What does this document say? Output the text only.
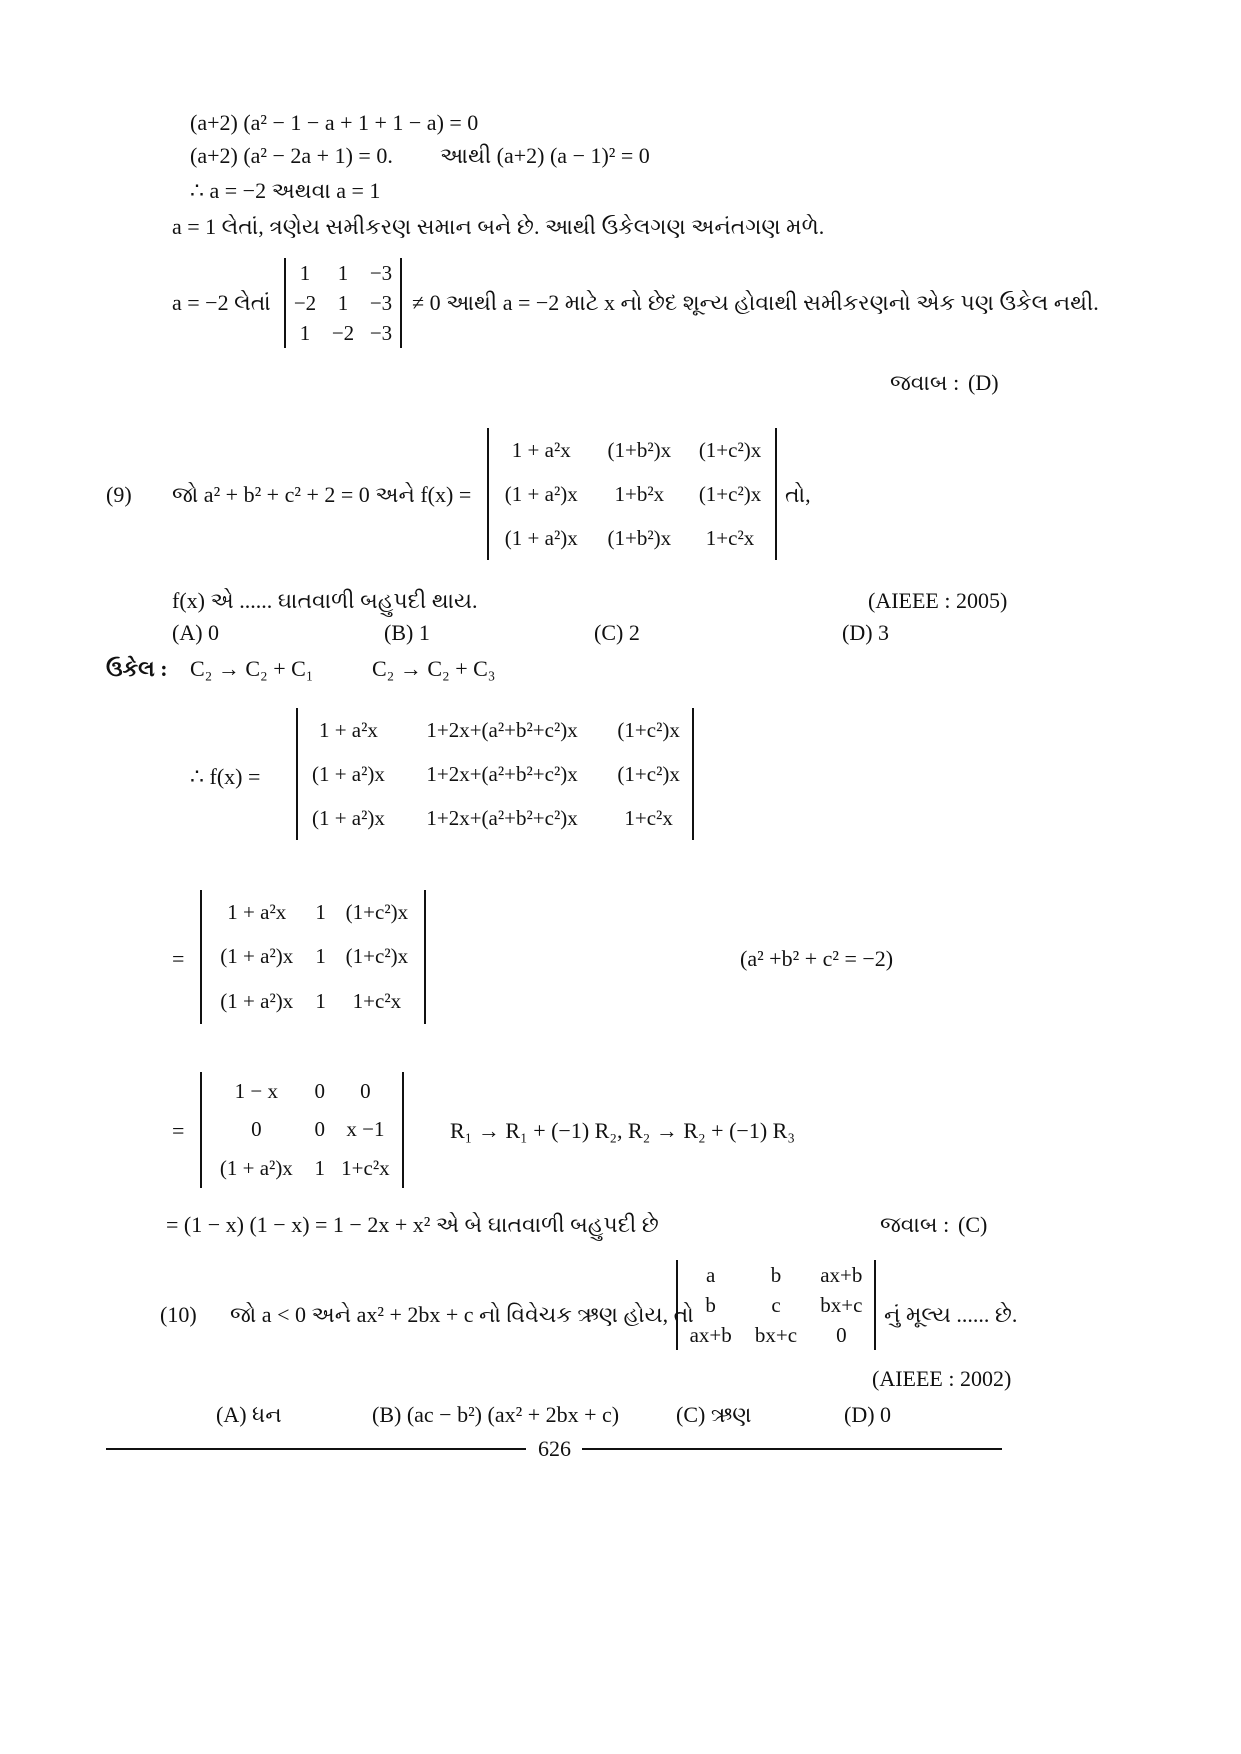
(a+2) (a² − 1 − a + 1 + 1 − a) = 0
(a+2) (a² − 2a + 1) = 0. આથી (a+2) (a − 1)² = 0
∴ a = −2 અથવા a = 1
a = 1 લેતાં, ત્રણેય સમીકરણ સમાન બને છે. આથી ઉકેલગણ અનંતગણ મળે.
a = −2 લેતાં
1	1	−3
−2	1	−3
1	−2	−3
≠ 0 આથી a = −2 માટે x નો છેદ શૂન્ય હોવાથી સમીકરણનો એક પણ ઉકેલ નથી.
જવાબ : (D)
(9) જો a² + b² + c² + 2 = 0 અને f(x) =
1 + a²x	(1+b²)x	(1+c²)x
(1 + a²)x	1+b²x	(1+c²)x
(1 + a²)x	(1+b²)x	1+c²x
તો,
f(x) એ ...... ઘાતવાળી બહુપદી થાય.	(AIEEE : 2005)
(A) 0	(B) 1	(C) 2	(D) 3
ઉકેલ : C₂ → C₂ + C₁	C₂ → C₂ + C₃
∴ f(x) =
1 + a²x	1+2x+(a²+b²+c²)x	(1+c²)x
(1 + a²)x	1+2x+(a²+b²+c²)x	(1+c²)x
(1 + a²)x	1+2x+(a²+b²+c²)x	1+c²x
=
1 + a²x	1	(1+c²)x
(1 + a²)x	1	(1+c²)x
(1 + a²)x	1	1+c²x
(a² +b² + c² = −2)
=
1 − x	0	0
0	0	x −1
(1 + a²)x	1	1+c²x
R₁ → R₁ + (−1) R₂, R₂ → R₂ + (−1) R₃
= (1 − x) (1 − x) = 1 − 2x + x² એ બે ઘાતવાળી બહુપદી છે	જવાબ : (C)
(10) જો a < 0 અને ax² + 2bx + c નો વિવેચક ઋણ હોય, તો
a	b	ax+b
b	c	bx+c
ax+b	bx+c	0
નું મૂલ્ય ...... છે.
(AIEEE : 2002)
(A) ધન	(B) (ac − b²) (ax² + 2bx + c)	(C) ઋણ	(D) 0
626
